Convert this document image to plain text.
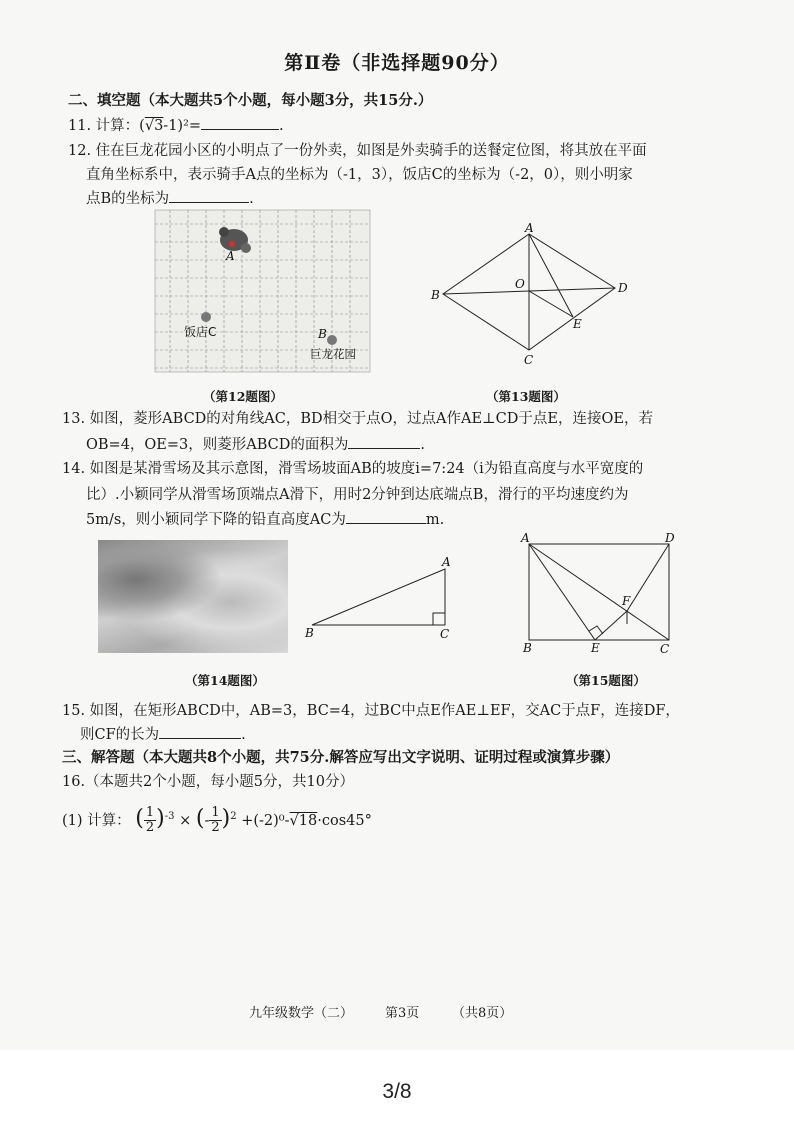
第Ⅱ卷（非选择题90分）
二、填空题（本大题共5个小题，每小题3分，共15分.）
11. 计算：(√3-1)²=	.
12. 住在巨龙花园小区的小明点了一份外卖，如图是外卖骑手的送餐定位图，将其放在平面
直角坐标系中，表示骑手A点的坐标为（-1，3），饭店C的坐标为（-2，0），则小明家
点B的坐标为	.
A
饭店C	B
巨龙花园
A
B
C
D
O
E
（第12题图）	（第13题图）
13. 如图，菱形ABCD的对角线AC，BD相交于点O，过点A作AE⊥CD于点E，连接OE，若
OB=4，OE=3，则菱形ABCD的面积为	.
14. 如图是某滑雪场及其示意图，滑雪场坡面AB的坡度i=7:24（i为铅直高度与水平宽度的
比）.小颖同学从滑雪场顶端点A滑下，用时2分钟到达底端点B，滑行的平均速度约为
5m/s，则小颖同学下降的铅直高度AC为	m.
A
B	C
A
B	C
D
E
F
（第14题图）	（第15题图）
15. 如图，在矩形ABCD中，AB=3，BC=4，过BC中点E作AE⊥EF，交AC于点F，连接DF，
则CF的长为	.
三、解答题（本大题共8个小题，共75分.解答应写出文字说明、证明过程或演算步骤）
16.（本题共2个小题，每小题5分，共10分）
(1) 计算： ( $\frac{1}{2} )^{-3}$ × (- $\frac{1}{2} )^2 +(-2)^0-√18\cdot\cos 45^\circ$
九年级数学（二） 第3页	（共8页）
3/8
